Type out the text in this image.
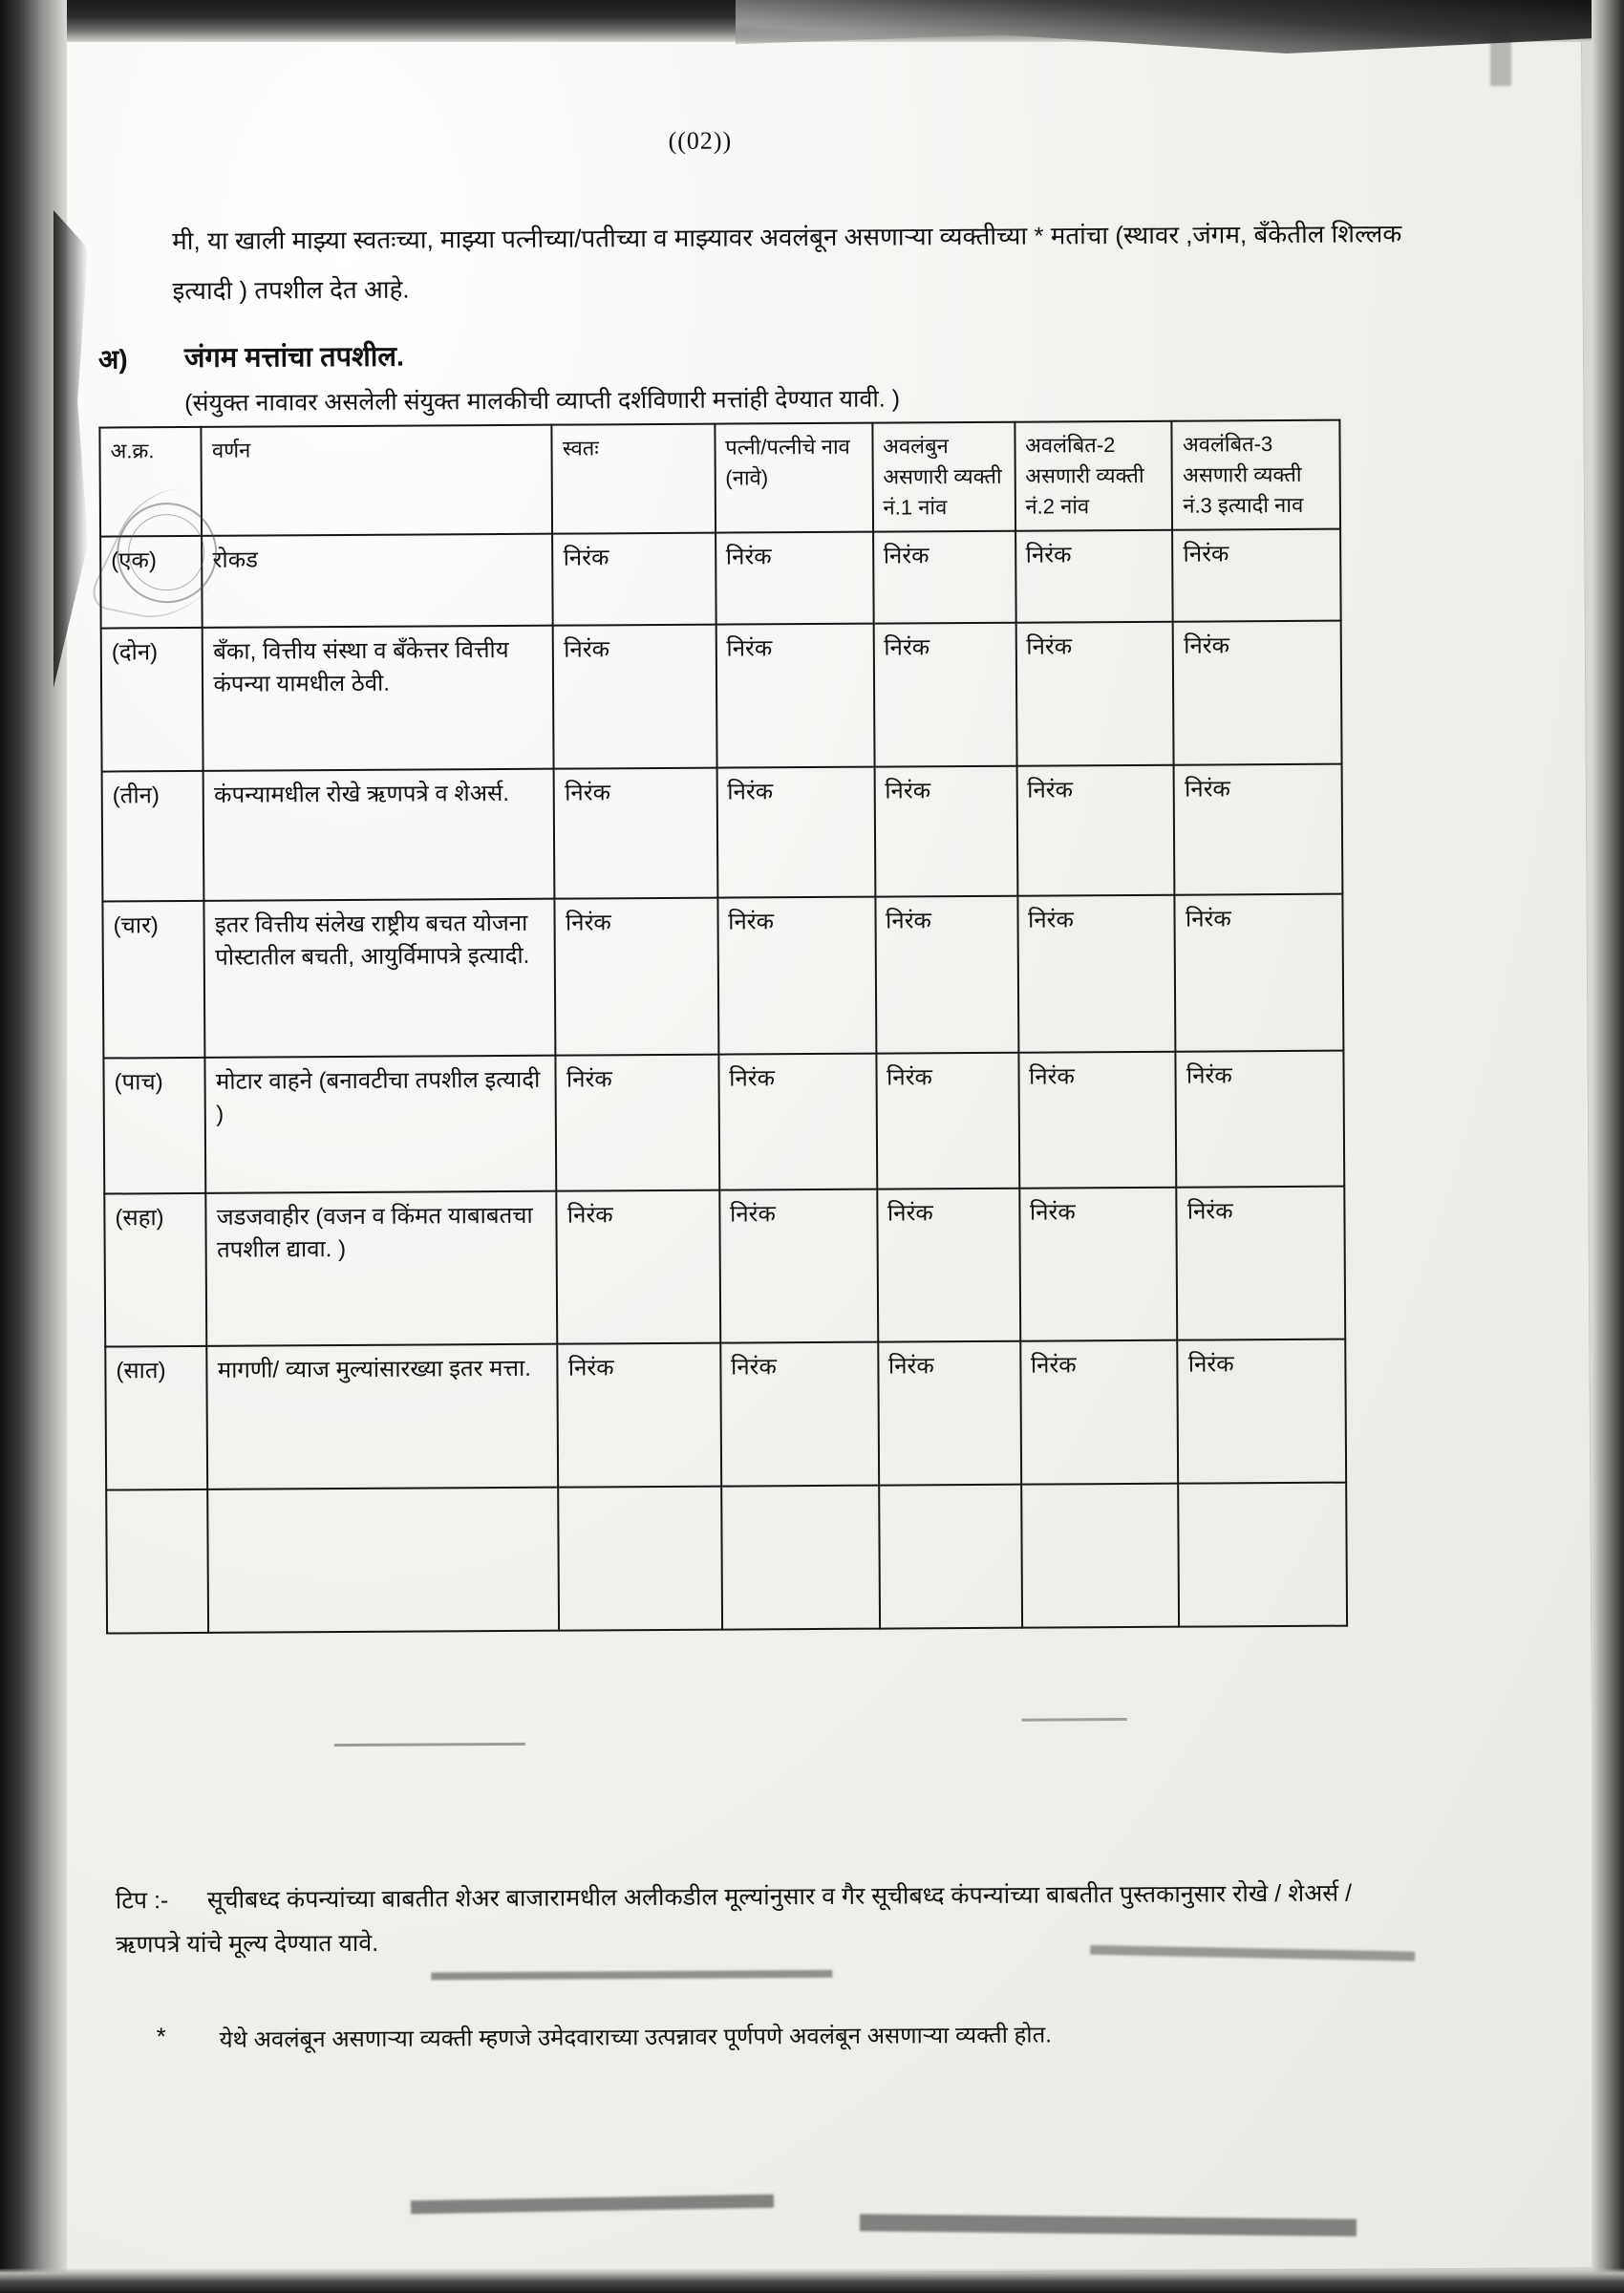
((02))
मी, या खाली माझ्या स्वतःच्या, माझ्या पत्नीच्या/पतीच्या व माझ्यावर अवलंबून असणाऱ्या व्यक्तीच्या * मतांचा (स्थावर ,जंगम, बँकेतील शिल्लक इत्यादी ) तपशील देत आहे.
अ) जंगम मत्तांचा तपशील.
(संयुक्त नावावर असलेली संयुक्त मालकीची व्याप्ती दर्शविणारी मत्तांही देण्यात यावी. )
अ.क्र.	वर्णन	स्वतः	पत्नी/पत्नीचे नाव (नावे)	अवलंबुन असणारी व्यक्ती नं.1 नांव	अवलंबित-2 असणारी व्यक्ती नं.2 नांव	अवलंबित-3 असणारी व्यक्ती नं.3 इत्यादी नाव
(एक)	रोकड	निरंक	निरंक	निरंक	निरंक	निरंक
(दोन)	बँका, वित्तीय संस्था व बँकेत्तर वित्तीय कंपन्या यामधील ठेवी.	निरंक	निरंक	निरंक	निरंक	निरंक
(तीन)	कंपन्यामधील रोखे ऋणपत्रे व शेअर्स.	निरंक	निरंक	निरंक	निरंक	निरंक
(चार)	इतर वित्तीय संलेख राष्ट्रीय बचत योजना पोस्टातील बचती, आयुर्विमापत्रे इत्यादी.	निरंक	निरंक	निरंक	निरंक	निरंक
(पाच)	मोटार वाहने (बनावटीचा तपशील इत्यादी )	निरंक	निरंक	निरंक	निरंक	निरंक
(सहा)	जडजवाहीर (वजन व किंमत याबाबतचा तपशील द्यावा. )	निरंक	निरंक	निरंक	निरंक	निरंक
(सात)	मागणी/ व्याज मुल्यांसारख्या इतर मत्ता.	निरंक	निरंक	निरंक	निरंक	निरंक

टिप :- सूचीबध्द कंपन्यांच्या बाबतीत शेअर बाजारामधील अलीकडील मूल्यांनुसार व गैर सूचीबध्द कंपन्यांच्या बाबतीत पुस्तकानुसार रोखे / शेअर्स / ऋणपत्रे यांचे मूल्य देण्यात यावे.
* येथे अवलंबून असणाऱ्या व्यक्ती म्हणजे उमेदवाराच्या उत्पन्नावर पूर्णपणे अवलंबून असणाऱ्या व्यक्ती होत.
